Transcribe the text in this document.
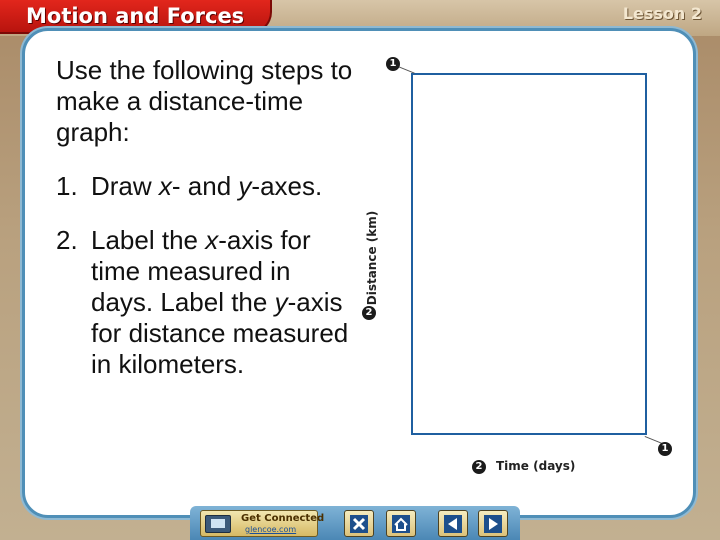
Motion and Forces	Lesson 2

Use the following steps to make a distance-time graph:

1. Draw x- and y-axes.

2. Label the x-axis for time measured in days. Label the y-axis for distance measured in kilometers.

1
2
1
2
Distance (km)
Time (days)
Get Connected
glencoe.com
